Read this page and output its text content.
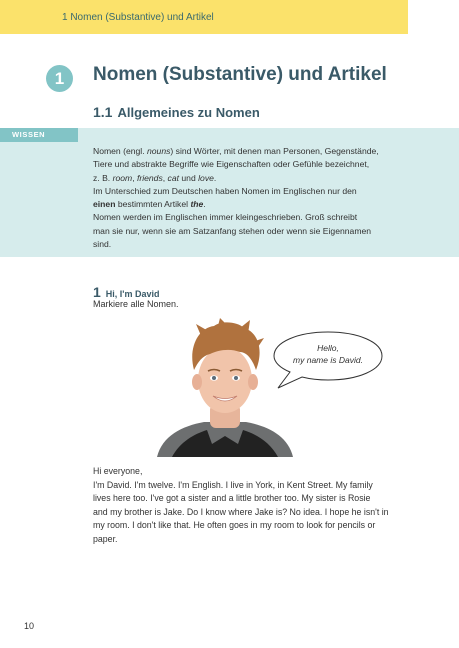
1 Nomen (Substantive) und Artikel
1	Nomen (Substantive) und Artikel
1.1 Allgemeines zu Nomen
WISSEN

Nomen (engl. nouns) sind Wörter, mit denen man Personen, Gegenstände,

Tiere und abstrakte Begriffe wie Eigenschaften oder Gefühle bezeichnet,

z. B. room, friends, cat und love.

Im Unterschied zum Deutschen haben Nomen im Englischen nur den

einen bestimmten Artikel the.

Nomen werden im Englischen immer kleingeschrieben. Groß schreibt

man sie nur, wenn sie am Satzanfang stehen oder wenn sie Eigennamen

sind.

1 Hi, I'm David
Markiere alle Nomen.
Hello,
my name is David.

Hi everyone,

I'm David. I'm twelve. I'm English. I live in York, in Kent Street. My family

lives here too. I've got a sister and a little brother too. My sister is Rosie

and my brother is Jake. Do I know where Jake is? No idea. I hope he isn't in

my room. I don't like that. He often goes in my room to look for pencils or

paper.

10
